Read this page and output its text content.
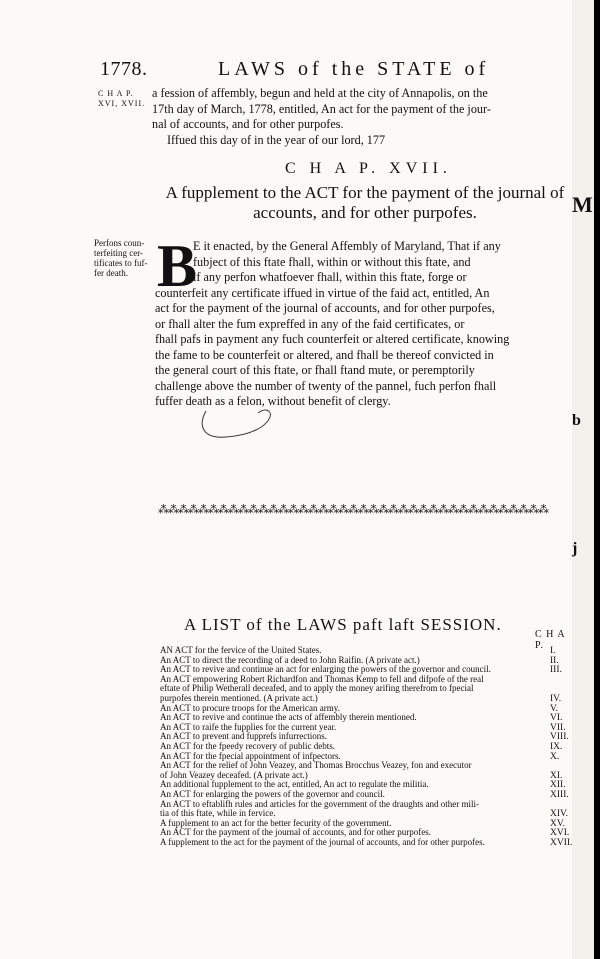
1778.	LAWS of the STATE of
C H A P.
XVI, XVII.
a fession of affembly, begun and held at the city of Annapolis, on the
17th day of March, 1778, entitled, An act for the payment of the jour-
nal of accounts, and for other purpofes.
Iffued this day of in the year of our lord, 177
C H A P. XVII.
A fupplement to the ACT for the payment of the journal of
accounts, and for other purpofes.
Perfons coun-
terfeiting cer-
tificates to fuf-
fer death. B
E it enacted, by the General Affembly of Maryland, That if any
fubject of this ftate fhall, within or without this ftate, and
if any perfon whatfoever fhall, within this ftate, forge or
counterfeit any certificate iffued in virtue of the faid act, entitled, An
act for the payment of the journal of accounts, and for other purpofes,
or fhall alter the fum expreffed in any of the faid certificates, or
fhall pafs in payment any fuch counterfeit or altered certificate, knowing
the fame to be counterfeit or altered, and fhall be thereof convicted in
the general court of this ftate, or fhall ftand mute, or peremptorily
challenge above the number of twenty of the pannel, fuch perfon fhall
fuffer death as a felon, without benefit of clergy.
⁂⁂⁂⁂⁂⁂⁂⁂⁂⁂⁂⁂⁂⁂⁂⁂⁂⁂⁂⁂⁂⁂⁂⁂⁂⁂⁂⁂⁂⁂⁂⁂⁂⁂⁂⁂⁂⁂⁂
A LIST of the LAWS paft laft SESSION.
C H A P.
AN ACT for the fervice of the United States.	I.
An ACT to direct the recording of a deed to John Raifin. (A private act.)	II.
An ACT to revive and continue an act for enlarging the powers of the governor and council.	III.
An ACT empowering Robert Richardfon and Thomas Kemp to fell and difpofe of the real
eftate of Philip Wetherall deceafed, and to apply the money arifing therefrom to fpecial
purpofes therein mentioned. (A private act.)	IV.
An ACT to procure troops for the American army.	V.
An ACT to revive and continue the acts of affembly therein mentioned.	VI.
An ACT to raife the fupplies for the current year.	VII.
An ACT to prevent and fupprefs infurrections.	VIII.
An ACT for the fpeedy recovery of public debts.	IX.
An ACT for the fpecial appointment of infpectors.	X.
An ACT for the relief of John Veazey, and Thomas Brocchus Veazey, fon and executor
of John Veazey deceafed. (A private act.)	XI.
An additional fupplement to the act, entitled, An act to regulate the militia.	XII.
An ACT for enlarging the powers of the governor and council.	XIII.
An ACT to eftablifh rules and articles for the government of the draughts and other mili-
tia of this ftate, while in fervice.	XIV.
A fupplement to an act for the better fecurity of the government.	XV.
An ACT for the payment of the journal of accounts, and for other purpofes.	XVI.
A fupplement to the act for the payment of the journal of accounts, and for other purpofes.	XVII.
M
b
j
